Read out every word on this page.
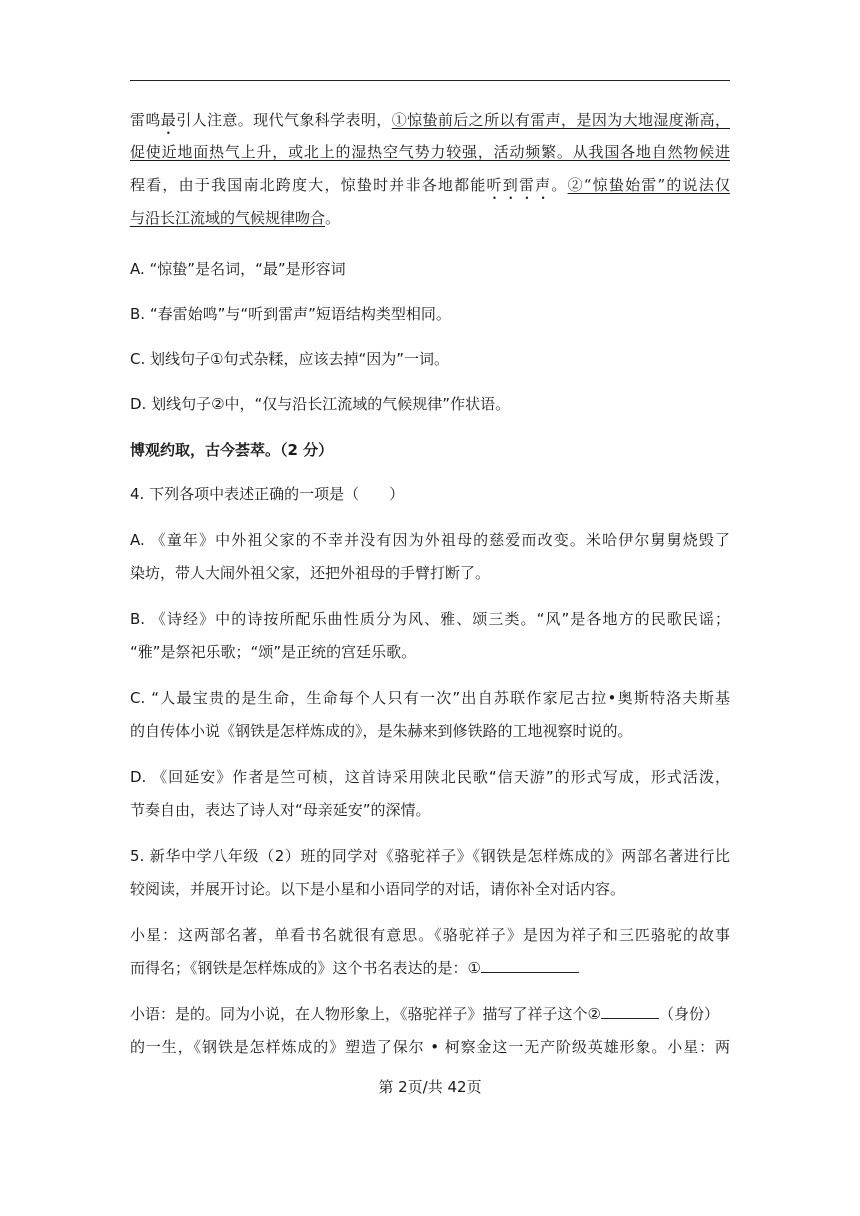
雷鸣最引人注意。现代气象科学表明，①惊蛰前后之所以有雷声，是因为大地湿度渐高，
促使近地面热气上升，或北上的湿热空气势力较强，活动频繁。从我国各地自然物候进
程看，由于我国南北跨度大，惊蛰时并非各地都能听到雷声。②“惊蛰始雷”的说法仅
与沿长江流域的气候规律吻合。
A. “惊蛰”是名词，“最”是形容词
B. “春雷始鸣”与“听到雷声”短语结构类型相同。
C. 划线句子①句式杂糅，应该去掉“因为”一词。
D. 划线句子②中，“仅与沿长江流域的气候规律”作状语。
博观约取，古今荟萃。（2 分）
4. 下列各项中表述正确的一项是（　　）
A. 《童年》中外祖父家的不幸并没有因为外祖母的慈爱而改变。米哈伊尔舅舅烧毁了
染坊，带人大闹外祖父家，还把外祖母的手臂打断了。
B. 《诗经》中的诗按所配乐曲性质分为风、雅、颂三类。“风”是各地方的民歌民谣；
“雅”是祭祀乐歌；“颂”是正统的宫廷乐歌。
C. “人最宝贵的是生命，生命每个人只有一次”出自苏联作家尼古拉•奥斯特洛夫斯基
的自传体小说《钢铁是怎样炼成的》，是朱赫来到修铁路的工地视察时说的。
D. 《回延安》作者是竺可桢，这首诗采用陕北民歌“信天游”的形式写成，形式活泼，
节奏自由，表达了诗人对“母亲延安”的深情。
5. 新华中学八年级（2）班的同学对《骆驼祥子》《钢铁是怎样炼成的》两部名著进行比
较阅读，并展开讨论。以下是小星和小语同学的对话，请你补全对话内容。
小星：这两部名著，单看书名就很有意思。《骆驼祥子》是因为祥子和三匹骆驼的故事
而得名；《钢铁是怎样炼成的》这个书名表达的是：①
小语：是的。同为小说，在人物形象上，《骆驼祥子》描写了祥子这个②	（身份）
的一生，《钢铁是怎样炼成的》塑造了保尔 • 柯察金这一无产阶级英雄形象。小星：两
第 2页/共 42页
